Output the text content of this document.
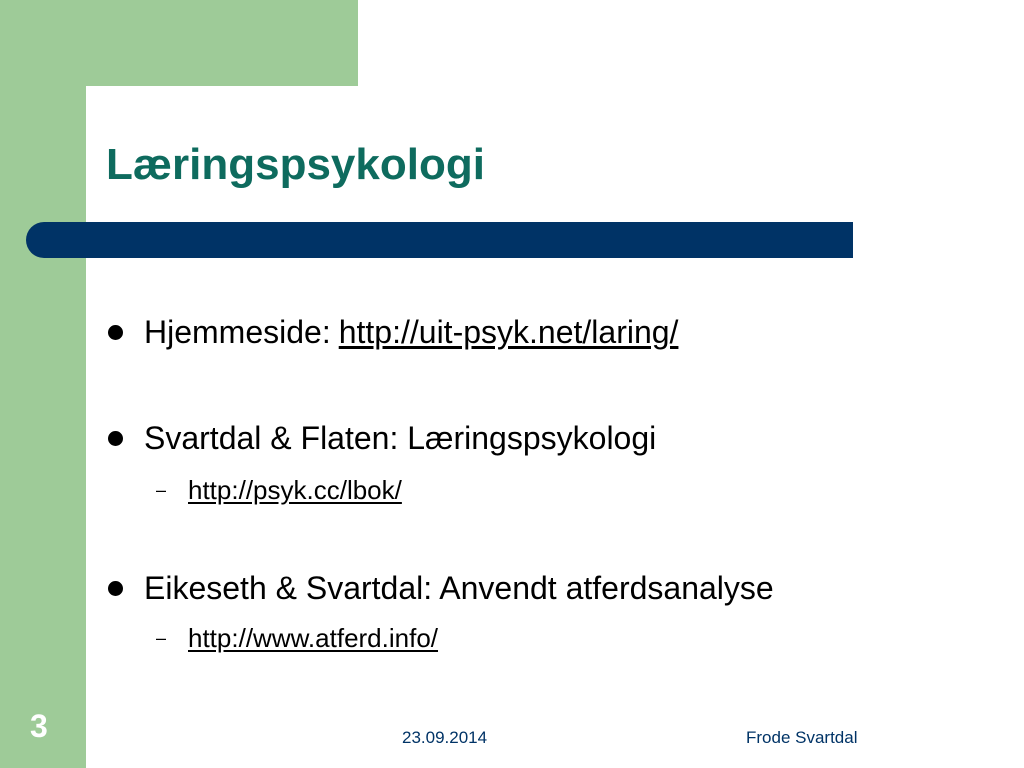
Læringspsykologi
Hjemmeside: http://uit-psyk.net/laring/
Svartdal & Flaten: Læringspsykologi
– http://psyk.cc/lbok/
Eikeseth & Svartdal: Anvendt atferdsanalyse
– http://www.atferd.info/
3	23.09.2014	Frode Svartdal
